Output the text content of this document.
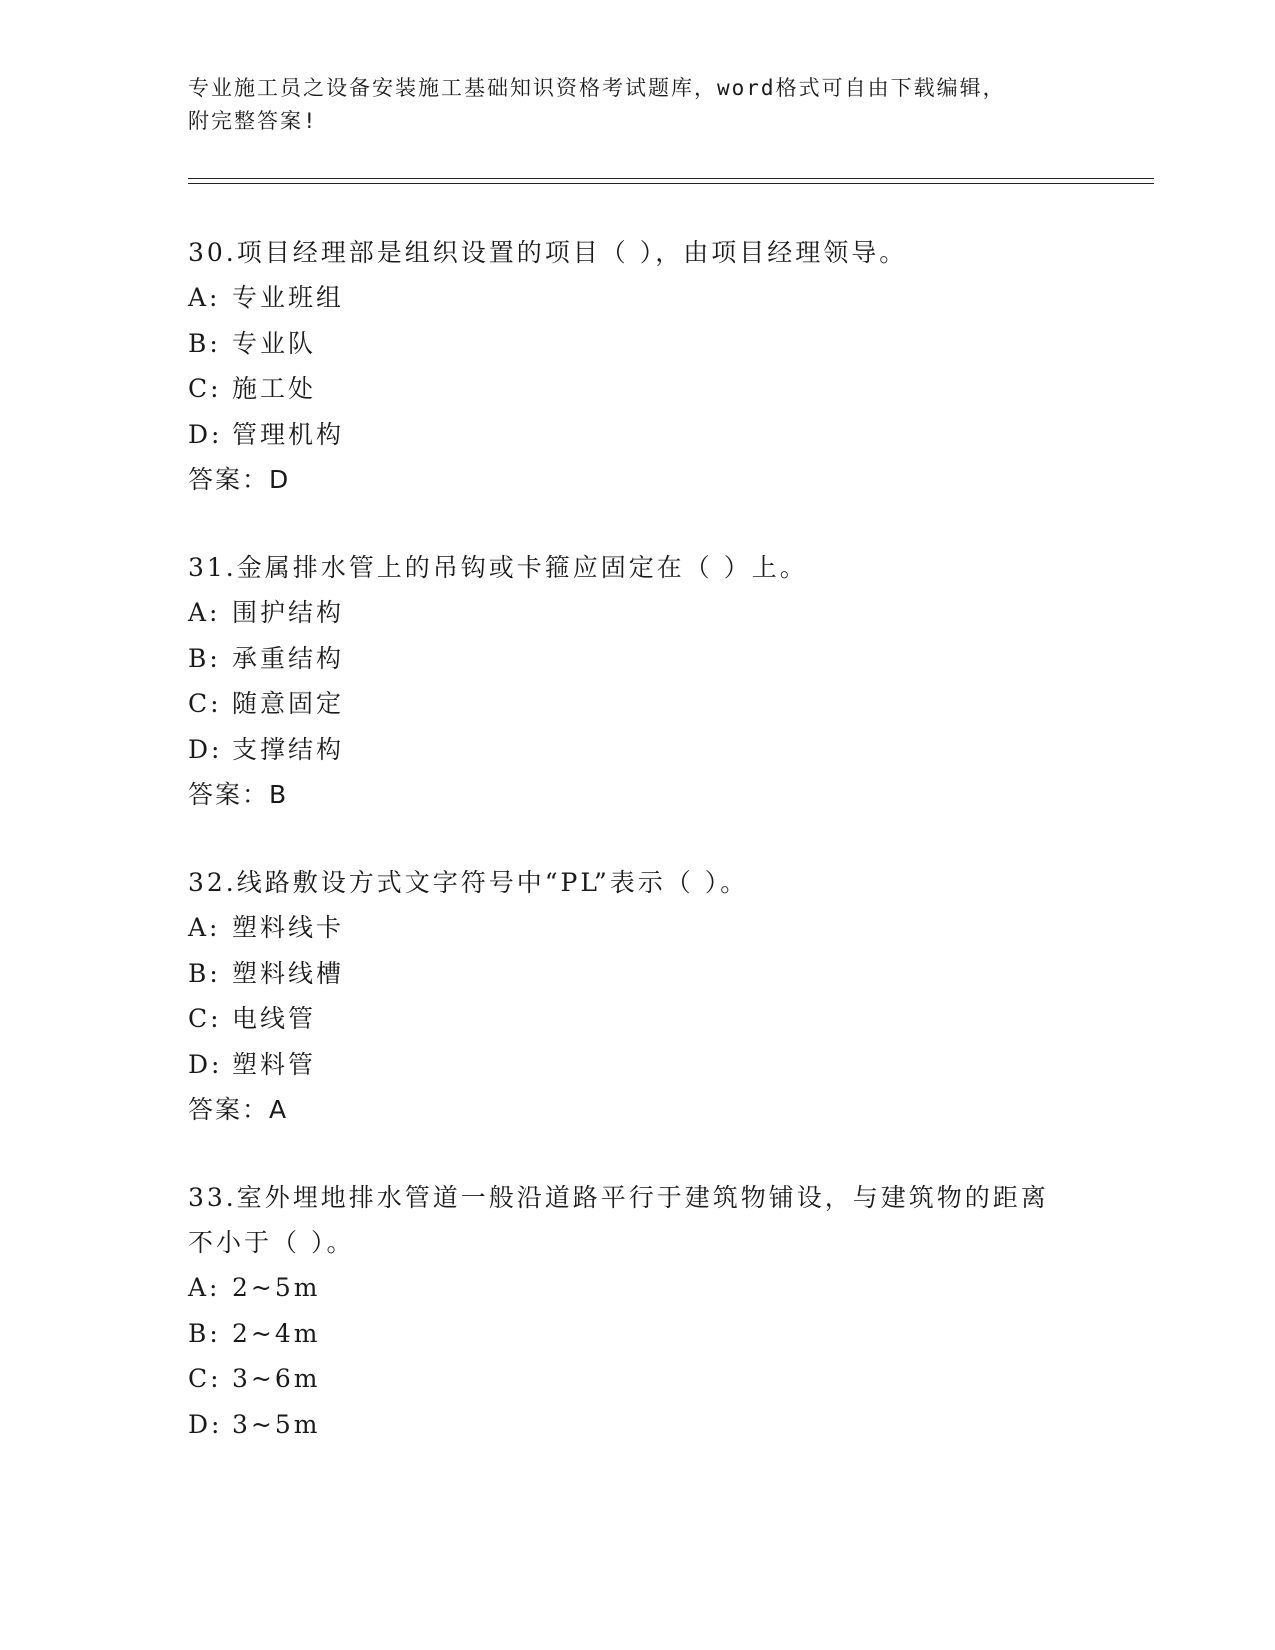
专业施工员之设备安装施工基础知识资格考试题库，word格式可自由下载编辑，
附完整答案!
30.项目经理部是组织设置的项目（ ），由项目经理领导。
A: 专业班组
B: 专业队
C: 施工处
D: 管理机构
答案：D
31.金属排水管上的吊钩或卡箍应固定在（ ）上。
A: 围护结构
B: 承重结构
C: 随意固定
D: 支撑结构
答案：B
32.线路敷设方式文字符号中“PL”表示（ ）。
A: 塑料线卡
B: 塑料线槽
C: 电线管
D: 塑料管
答案：A
33.室外埋地排水管道一般沿道路平行于建筑物铺设，与建筑物的距离
不小于（ ）。
A: 2~5m
B: 2~4m
C: 3~6m
D: 3~5m
